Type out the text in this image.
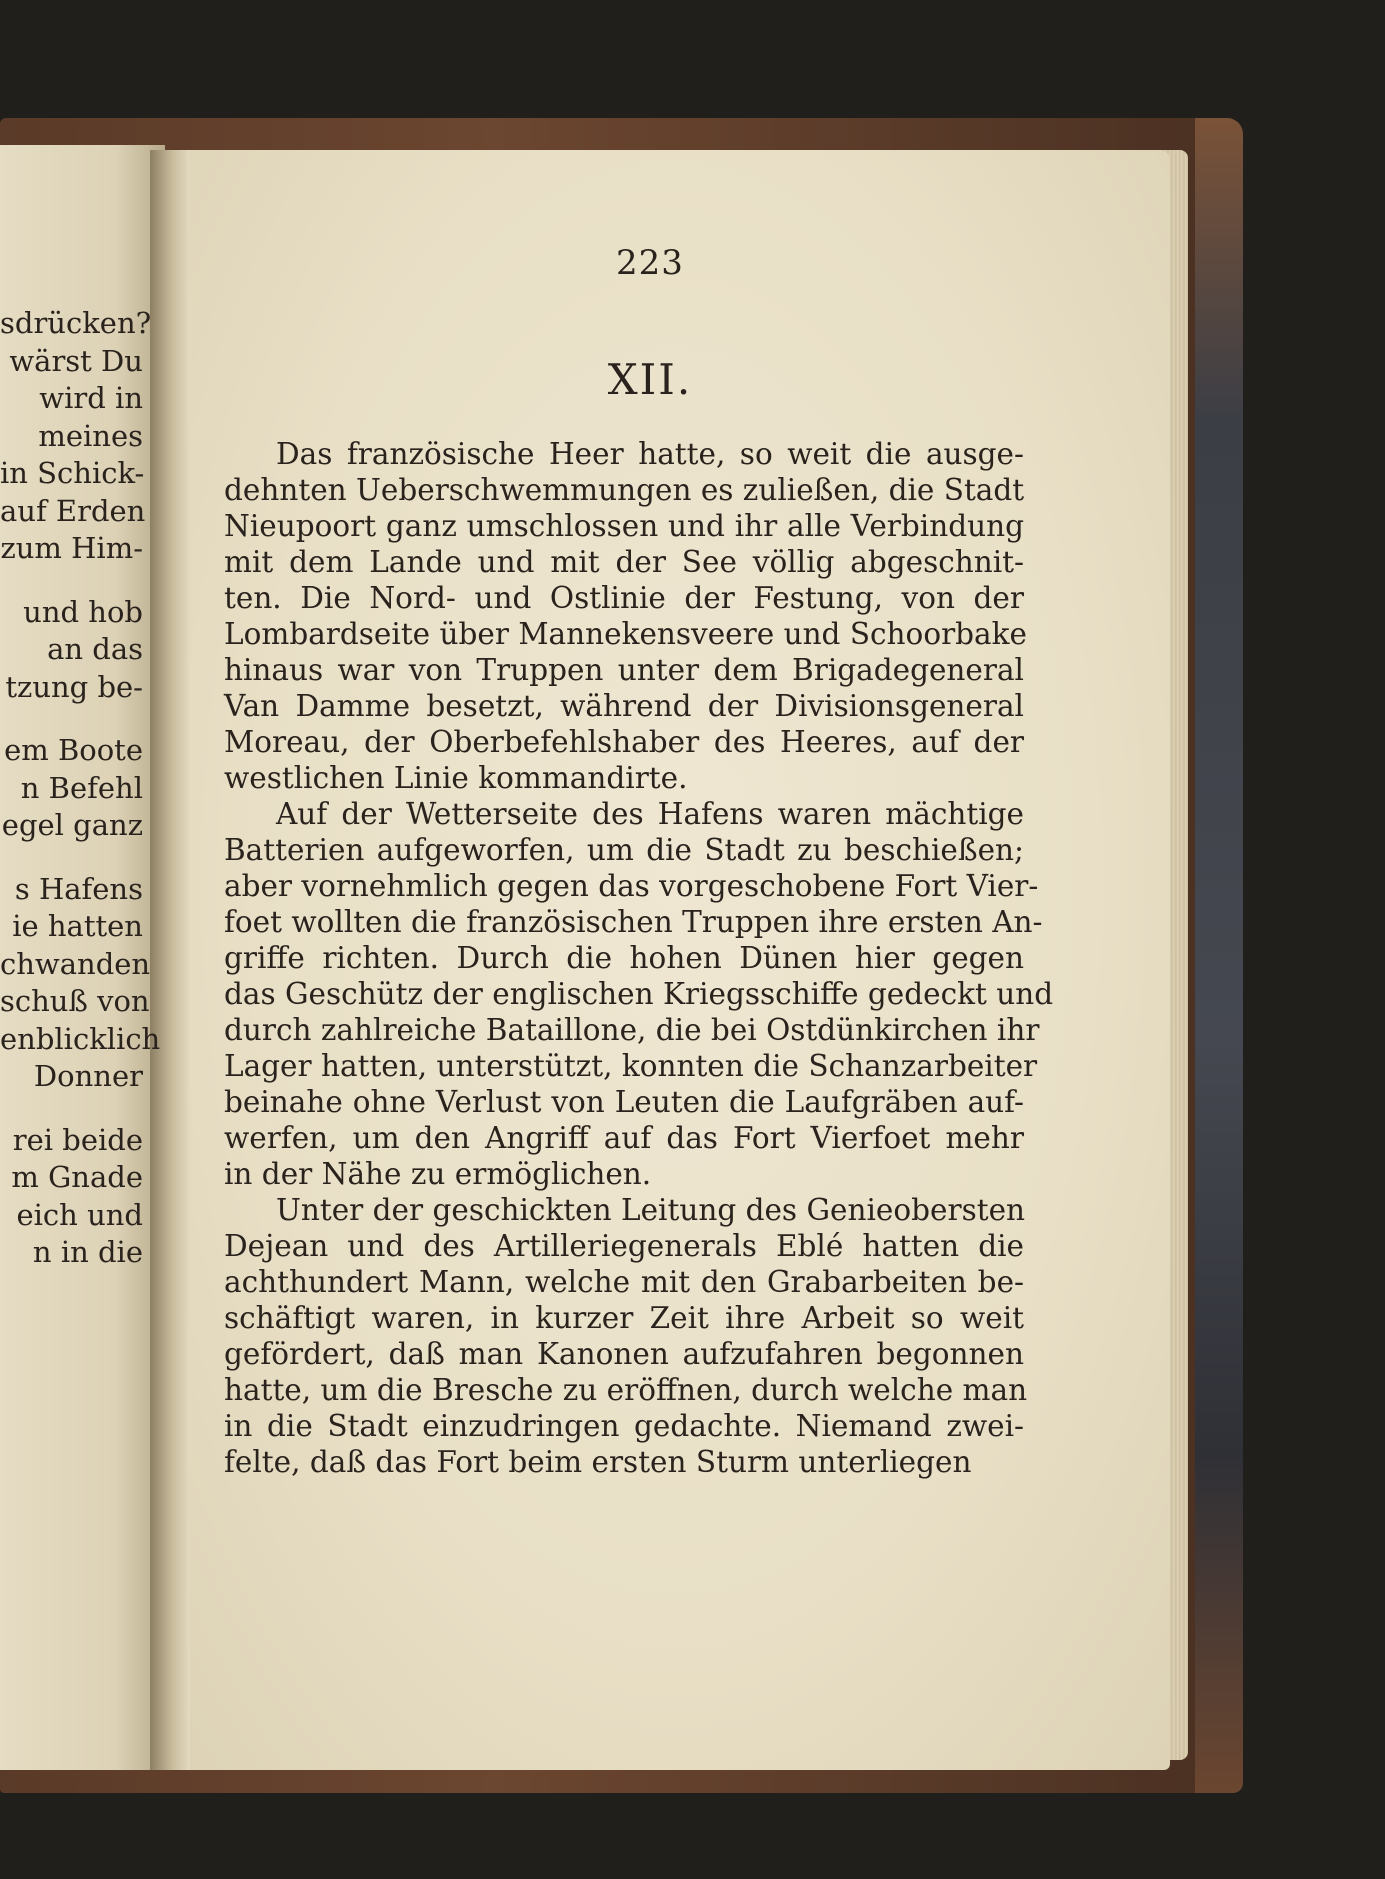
sdrücken?
wärst Du
wird in
meines
in Schick-
auf Erden
zum Him-
und hob
an das
tzung be-
em Boote
n Befehl
egel ganz
s Hafens
ie hatten
chwanden
schuß von
enblicklich
Donner
rei beide
m Gnade
eich und
n in die
223
XII.
Das französische Heer hatte, so weit die ausge-
dehnten Ueberschwemmungen es zuließen, die Stadt
Nieupoort ganz umschlossen und ihr alle Verbindung
mit dem Lande und mit der See völlig abgeschnit-
ten. Die Nord- und Ostlinie der Festung, von der
Lombardseite über Mannekensveere und Schoorbake
hinaus war von Truppen unter dem Brigadegeneral
Van Damme besetzt, während der Divisionsgeneral
Moreau, der Oberbefehlshaber des Heeres, auf der
westlichen Linie kommandirte.
Auf der Wetterseite des Hafens waren mächtige
Batterien aufgeworfen, um die Stadt zu beschießen;
aber vornehmlich gegen das vorgeschobene Fort Vier-
foet wollten die französischen Truppen ihre ersten An-
griffe richten. Durch die hohen Dünen hier gegen
das Geschütz der englischen Kriegsschiffe gedeckt und
durch zahlreiche Bataillone, die bei Ostdünkirchen ihr
Lager hatten, unterstützt, konnten die Schanzarbeiter
beinahe ohne Verlust von Leuten die Laufgräben auf-
werfen, um den Angriff auf das Fort Vierfoet mehr
in der Nähe zu ermöglichen.
Unter der geschickten Leitung des Genieobersten
Dejean und des Artilleriegenerals Eblé hatten die
achthundert Mann, welche mit den Grabarbeiten be-
schäftigt waren, in kurzer Zeit ihre Arbeit so weit
gefördert, daß man Kanonen aufzufahren begonnen
hatte, um die Bresche zu eröffnen, durch welche man
in die Stadt einzudringen gedachte. Niemand zwei-
felte, daß das Fort beim ersten Sturm unterliegen
